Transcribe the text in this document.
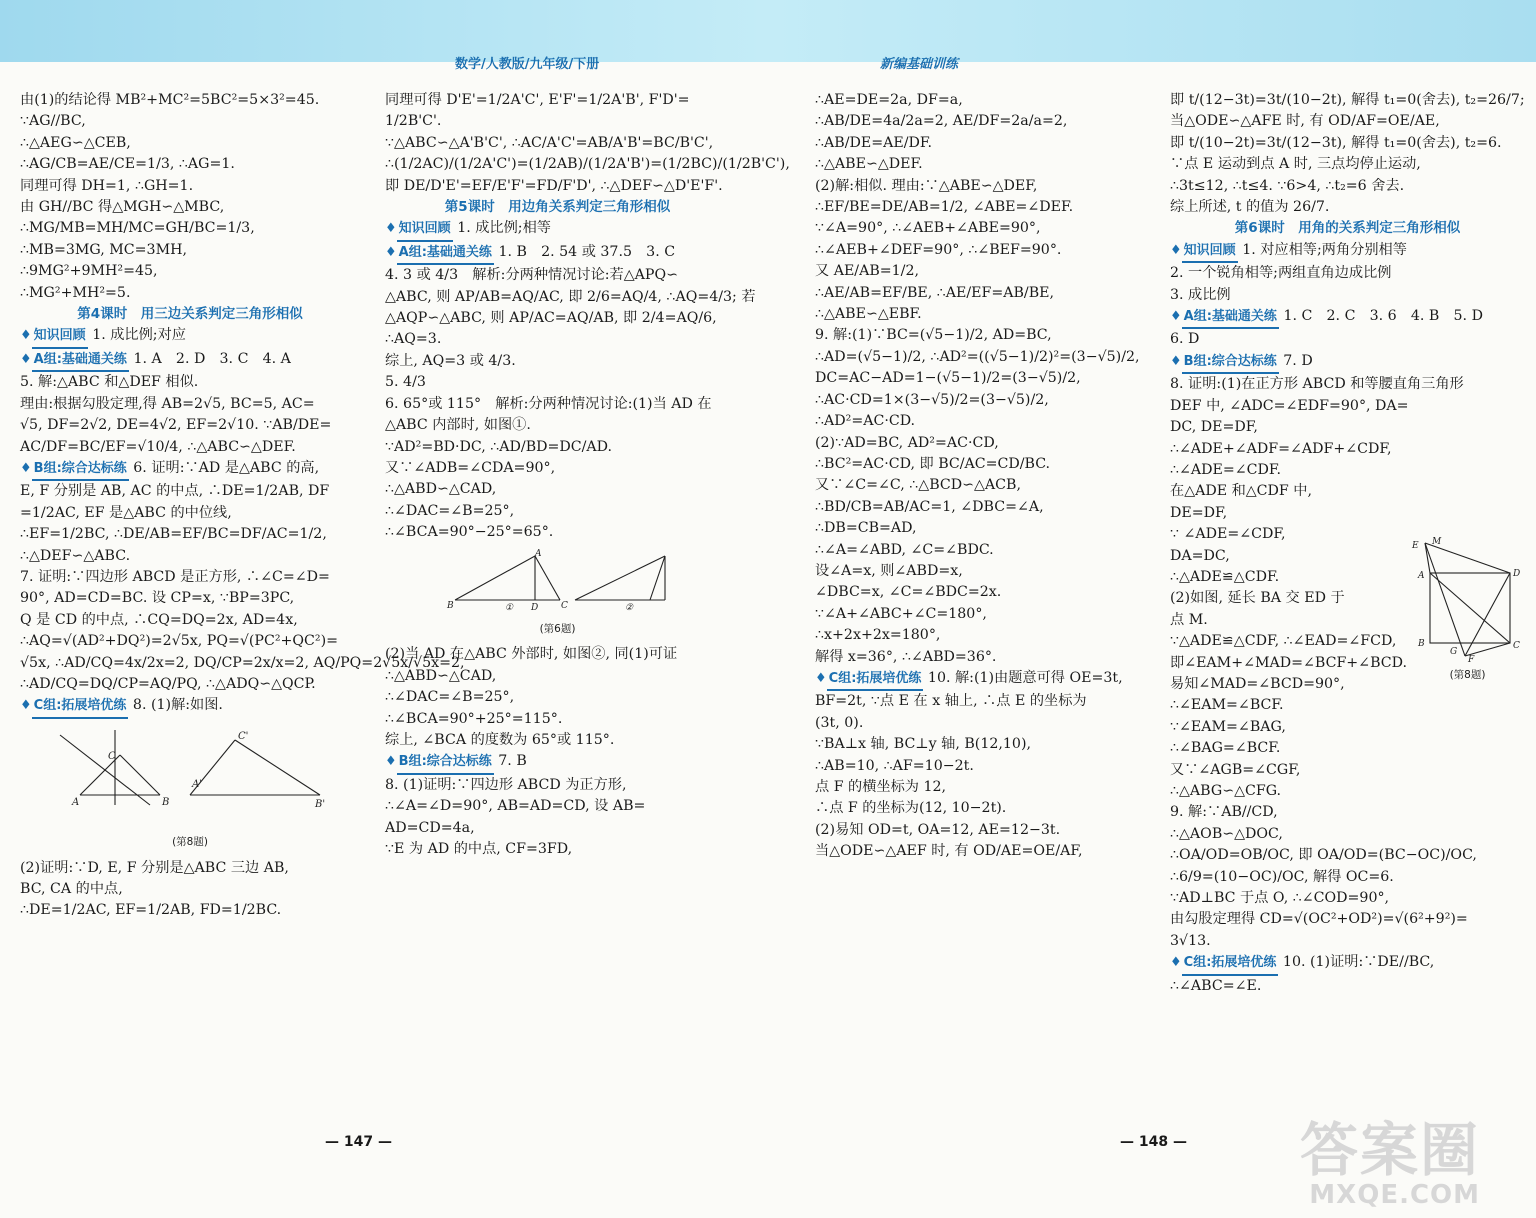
数学/人教版/九年级/下册	新编基础训练
由(1)的结论得 MB²+MC²=5BC²=5×3²=45.
∵AG//BC,
∴△AEG∽△CEB,
∴AG/CB=AE/CE=1/3, ∴AG=1.
同理可得 DH=1, ∴GH=1.
由 GH//BC 得△MGH∽△MBC,
∴MG/MB=MH/MC=GH/BC=1/3,
∴MB=3MG, MC=3MH,
∴9MG²+9MH²=45,
∴MG²+MH²=5.
第4课时　用三边关系判定三角形相似
♦ 知识回顾 1. 成比例;对应
♦ A组:基础通关练 1. A　2. D　3. C　4. A
5. 解:△ABC 和△DEF 相似.
理由:根据勾股定理,得 AB=2√5, BC=5, AC=
√5, DF=2√2, DE=4√2, EF=2√10. ∵AB/DE=
AC/DF=BC/EF=√10/4, ∴△ABC∽△DEF.
♦ B组:综合达标练 6. 证明:∵AD 是△ABC 的高,
E, F 分别是 AB, AC 的中点, ∴DE=1/2AB, DF
=1/2AC, EF 是△ABC 的中位线,
∴EF=1/2BC, ∴DE/AB=EF/BC=DF/AC=1/2,
∴△DEF∽△ABC.
7. 证明:∵四边形 ABCD 是正方形, ∴∠C=∠D=
90°, AD=CD=BC. 设 CP=x, ∵BP=3PC,
Q 是 CD 的中点, ∴CQ=DQ=2x, AD=4x,
∴AQ=√(AD²+DQ²)=2√5x, PQ=√(PC²+QC²)=
√5x, ∴AD/CQ=4x/2x=2, DQ/CP=2x/x=2, AQ/PQ=2√5x/√5x=2,
∴AD/CQ=DQ/CP=AQ/PQ, ∴△ADQ∽△QCP.
♦ C组:拓展培优练 8. (1)解:如图.
A	B
C
A'
B'
C'
(第8题)
(2)证明:∵D, E, F 分别是△ABC 三边 AB,
BC, CA 的中点,
∴DE=1/2AC, EF=1/2AB, FD=1/2BC.
同理可得 D'E'=1/2A'C', E'F'=1/2A'B', F'D'=
1/2B'C'.
∵△ABC∽△A'B'C', ∴AC/A'C'=AB/A'B'=BC/B'C',
∴(1/2AC)/(1/2A'C')=(1/2AB)/(1/2A'B')=(1/2BC)/(1/2B'C'),
即 DE/D'E'=EF/E'F'=FD/F'D', ∴△DEF∽△D'E'F'.
第5课时　用边角关系判定三角形相似
♦ 知识回顾 1. 成比例;相等
♦ A组:基础通关练 1. B　2. 54 或 37.5　3. C
4. 3 或 4/3　解析:分两种情况讨论:若△APQ∽
△ABC, 则 AP/AB=AQ/AC, 即 2/6=AQ/4, ∴AQ=4/3; 若
△AQP∽△ABC, 则 AP/AC=AQ/AB, 即 2/4=AQ/6,
∴AQ=3.
综上, AQ=3 或 4/3.
5. 4/3
6. 65°或 115°　解析:分两种情况讨论:(1)当 AD 在
△ABC 内部时, 如图①.
∵AD²=BD·DC, ∴AD/BD=DC/AD.
又∵∠ADB=∠CDA=90°,
∴△ABD∽△CAD,
∴∠DAC=∠B=25°,
∴∠BCA=90°−25°=65°.
A
B	D	C
①	②
(第6题)
(2)当 AD 在△ABC 外部时, 如图②, 同(1)可证
∴△ABD∽△CAD,
∴∠DAC=∠B=25°,
∴∠BCA=90°+25°=115°.
综上, ∠BCA 的度数为 65°或 115°.
♦ B组:综合达标练 7. B
8. (1)证明:∵四边形 ABCD 为正方形,
∴∠A=∠D=90°, AB=AD=CD, 设 AB=
AD=CD=4a,
∵E 为 AD 的中点, CF=3FD,
∴AE=DE=2a, DF=a,
∴AB/DE=4a/2a=2, AE/DF=2a/a=2,
∴AB/DE=AE/DF.
∴△ABE∽△DEF.
(2)解:相似. 理由:∵△ABE∽△DEF,
∴EF/BE=DE/AB=1/2, ∠ABE=∠DEF.
∵∠A=90°, ∴∠AEB+∠ABE=90°,
∴∠AEB+∠DEF=90°, ∴∠BEF=90°.
又 AE/AB=1/2,
∴AE/AB=EF/BE, ∴AE/EF=AB/BE,
∴△ABE∽△EBF.
9. 解:(1)∵BC=(√5−1)/2, AD=BC,
∴AD=(√5−1)/2, ∴AD²=((√5−1)/2)²=(3−√5)/2,
DC=AC−AD=1−(√5−1)/2=(3−√5)/2,
∴AC·CD=1×(3−√5)/2=(3−√5)/2,
∴AD²=AC·CD.
(2)∵AD=BC, AD²=AC·CD,
∴BC²=AC·CD, 即 BC/AC=CD/BC.
又∵∠C=∠C, ∴△BCD∽△ACB,
∴BD/CB=AB/AC=1, ∠DBC=∠A,
∴DB=CB=AD,
∴∠A=∠ABD, ∠C=∠BDC.
设∠A=x, 则∠ABD=x,
∠DBC=x, ∠C=∠BDC=2x.
∵∠A+∠ABC+∠C=180°,
∴x+2x+2x=180°,
解得 x=36°, ∴∠ABD=36°.
♦ C组:拓展培优练 10. 解:(1)由题意可得 OE=3t,
BF=2t, ∵点 E 在 x 轴上, ∴点 E 的坐标为
(3t, 0).
∵BA⊥x 轴, BC⊥y 轴, B(12,10),
∴AB=10, ∴AF=10−2t.
点 F 的横坐标为 12,
∴点 F 的坐标为(12, 10−2t).
(2)易知 OD=t, OA=12, AE=12−3t.
当△ODE∽△AEF 时, 有 OD/AE=OE/AF,
即 t/(12−3t)=3t/(10−2t), 解得 t₁=0(舍去), t₂=26/7;
当△ODE∽△AFE 时, 有 OD/AF=OE/AE,
即 t/(10−2t)=3t/(12−3t), 解得 t₁=0(舍去), t₂=6.
∵点 E 运动到点 A 时, 三点均停止运动,
∴3t≤12, ∴t≤4. ∵6>4, ∴t₂=6 舍去.
综上所述, t 的值为 26/7.
第6课时　用角的关系判定三角形相似
♦ 知识回顾 1. 对应相等;两角分别相等
2. 一个锐角相等;两组直角边成比例
3. 成比例
♦ A组:基础通关练 1. C　2. C　3. 6　4. B　5. D
6. D
♦ B组:综合达标练 7. D
8. 证明:(1)在正方形 ABCD 和等腰直角三角形
DEF 中, ∠ADC=∠EDF=90°, DA=
DC, DE=DF,
∴∠ADE+∠ADF=∠ADF+∠CDF,
∴∠ADE=∠CDF.
在△ADE 和△CDF 中,
DE=DF,
∵ ∠ADE=∠CDF,
DA=DC,
∴△ADE≌△CDF.
(2)如图, 延长 BA 交 ED 于
点 M.
∵△ADE≌△CDF, ∴∠EAD=∠FCD,
即∠EAM+∠MAD=∠BCF+∠BCD.
易知∠MAD=∠BCD=90°,
∴∠EAM=∠BCF.
∵∠EAM=∠BAG,
∴∠BAG=∠BCF.
又∵∠AGB=∠CGF,
∴△ABG∽△CFG.
9. 解:∵AB//CD,
∴△AOB∽△DOC,
∴OA/OD=OB/OC, 即 OA/OD=(BC−OC)/OC,
∴6/9=(10−OC)/OC, 解得 OC=6.
∵AD⊥BC 于点 O, ∴∠COD=90°,
由勾股定理得 CD=√(OC²+OD²)=√(6²+9²)=
3√13.
♦ C组:拓展培优练 10. (1)证明:∵DE//BC,
∴∠ABC=∠E.
E M
A	D
B
G
F
C
(第8题)
— 147 —	— 148 — 答案圈
MXQE.COM
